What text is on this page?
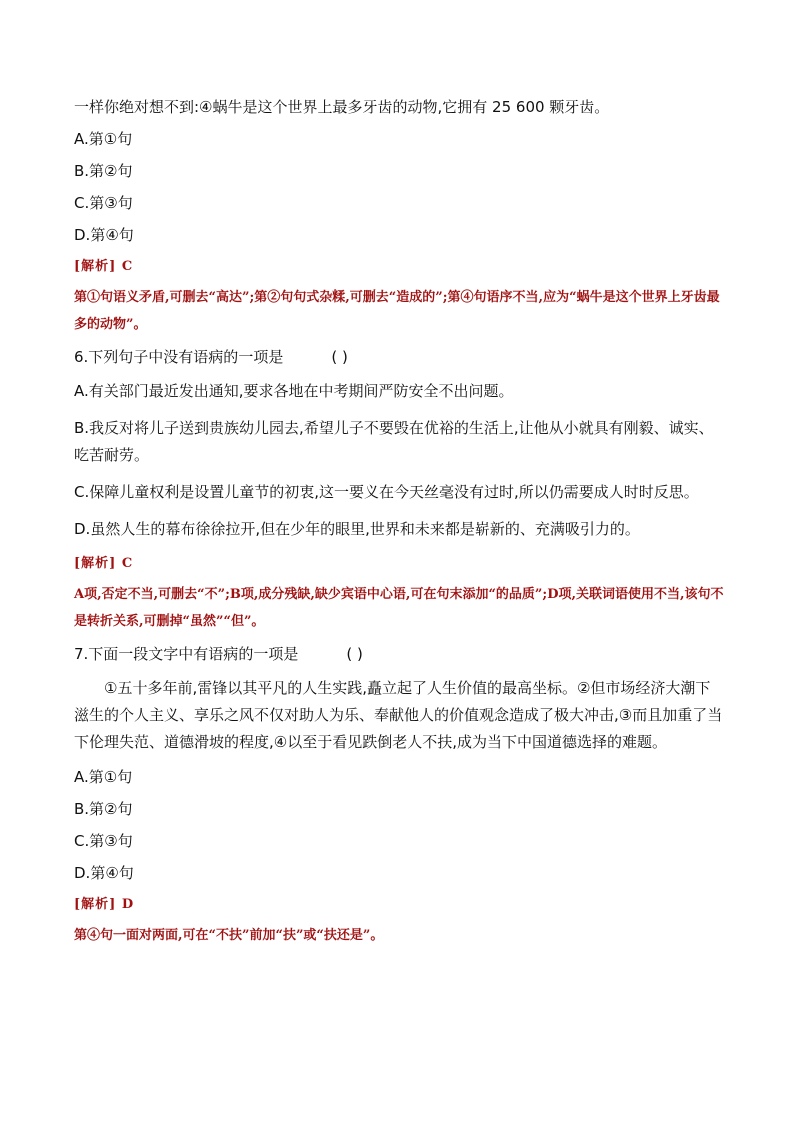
一样你绝对想不到:④蜗牛是这个世界上最多牙齿的动物,它拥有 25 600 颗牙齿。

A.第①句

B.第②句

C.第③句

D.第④句

[解析] C

第①句语义矛盾,可删去“高达”;第②句句式杂糅,可删去“造成的”;第④句语序不当,应为“蜗牛是这个世界上牙齿最多的动物”。

6.下列句子中没有语病的一项是	( )

A.有关部门最近发出通知,要求各地在中考期间严防安全不出问题。

B.我反对将儿子送到贵族幼儿园去,希望儿子不要毁在优裕的生活上,让他从小就具有刚毅、诚实、吃苦耐劳。

C.保障儿童权利是设置儿童节的初衷,这一要义在今天丝毫没有过时,所以仍需要成人时时反思。

D.虽然人生的幕布徐徐拉开,但在少年的眼里,世界和未来都是崭新的、充满吸引力的。

[解析] C

A项,否定不当,可删去“不”;B项,成分残缺,缺少宾语中心语,可在句末添加“的品质”;D项,关联词语使用不当,该句不是转折关系,可删掉“虽然”“但”。

7.下面一段文字中有语病的一项是	( )

①五十多年前,雷锋以其平凡的人生实践,矗立起了人生价值的最高坐标。②但市场经济大潮下滋生的个人主义、享乐之风不仅对助人为乐、奉献他人的价值观念造成了极大冲击,③而且加重了当下伦理失范、道德滑坡的程度,④以至于看见跌倒老人不扶,成为当下中国道德选择的难题。

A.第①句

B.第②句

C.第③句

D.第④句

[解析] D

第④句一面对两面,可在“不扶”前加“扶”或“扶还是”。
